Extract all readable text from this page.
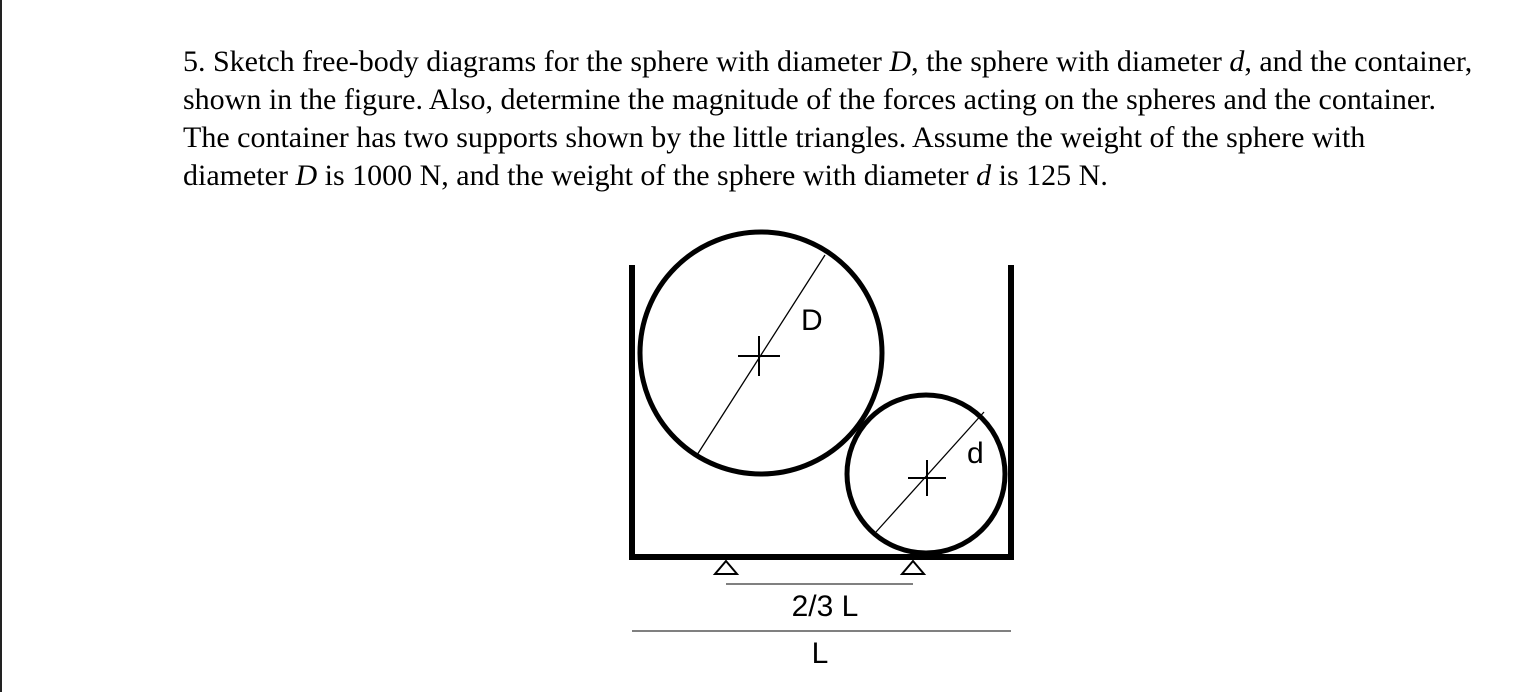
5. Sketch free-body diagrams for the sphere with diameter D, the sphere with diameter d, and the container, shown in the figure. Also, determine the magnitude of the forces acting on the spheres and the container. The container has two supports shown by the little triangles. Assume the weight of the sphere with diameter D is 1000 N, and the weight of the sphere with diameter d is 125 N.

D
d
2/3 L
L
